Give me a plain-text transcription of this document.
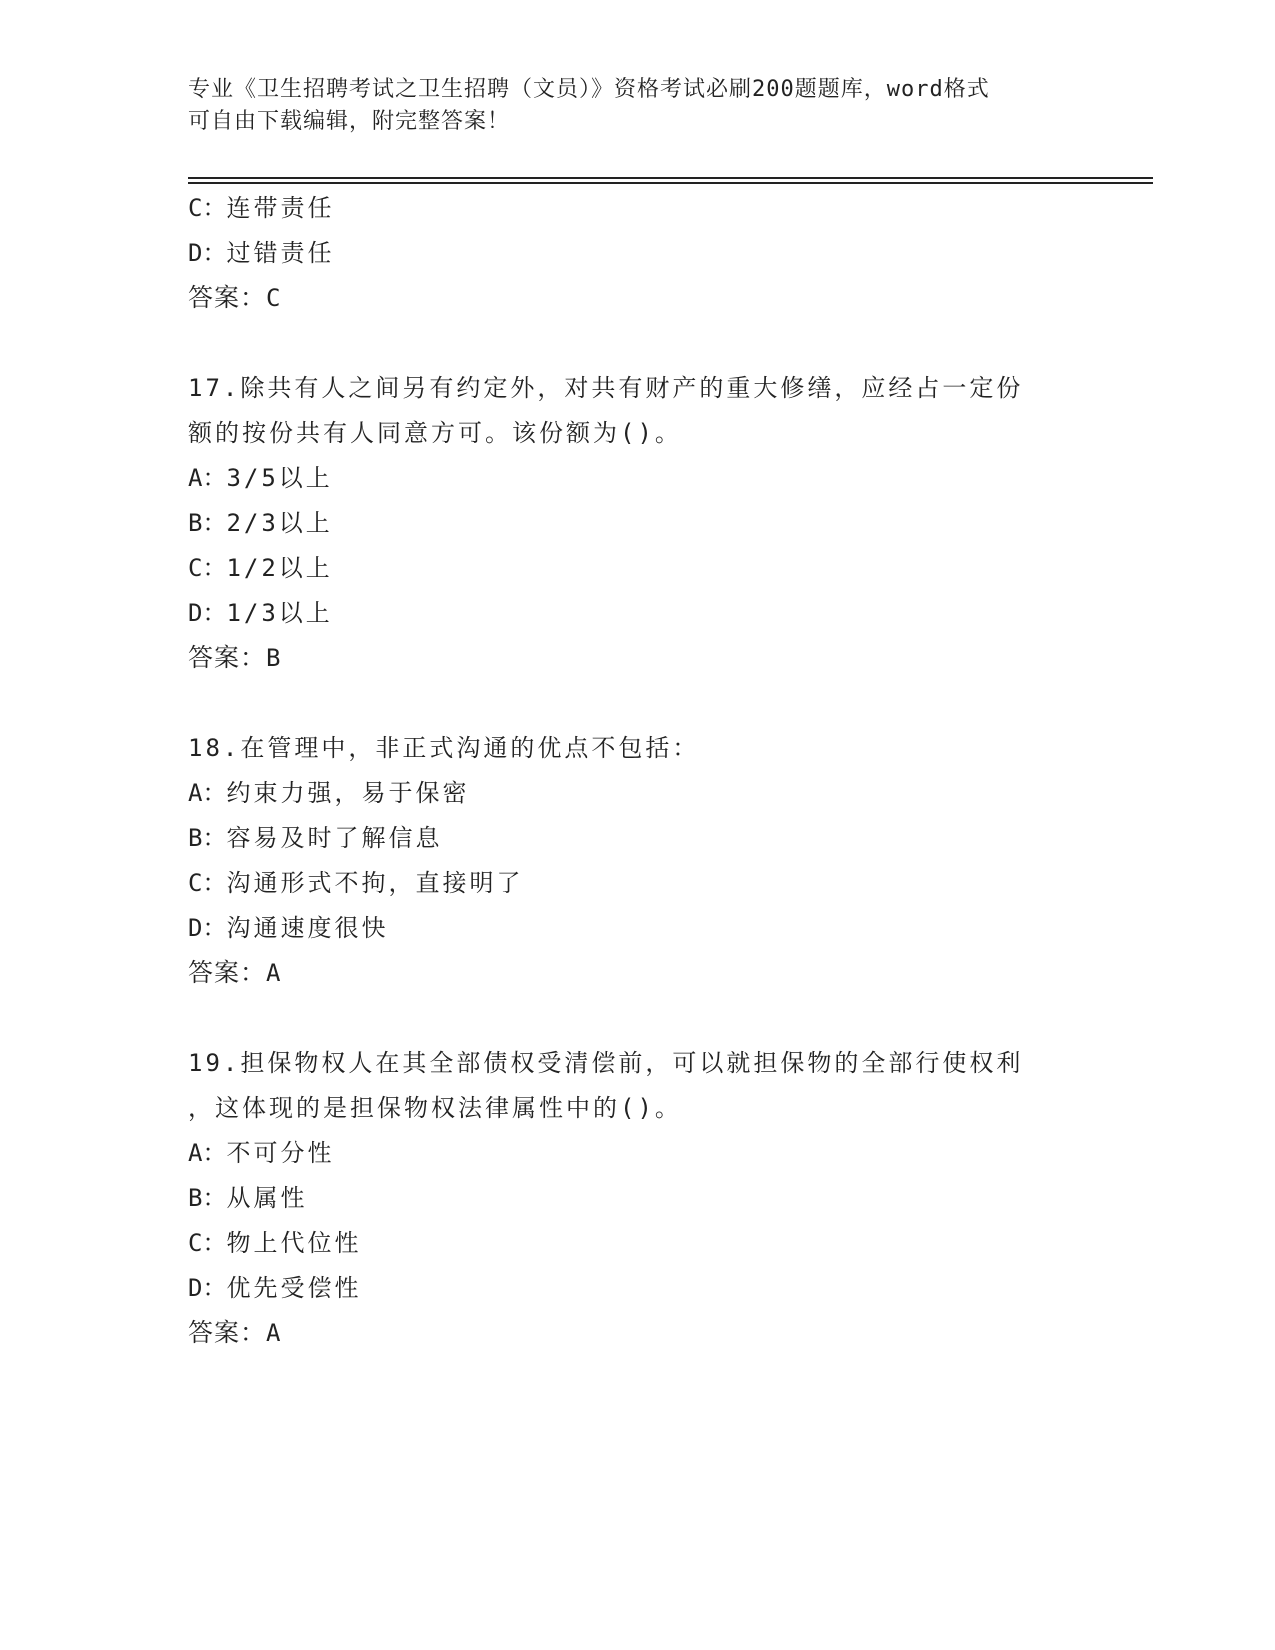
专业《卫生招聘考试之卫生招聘（文员）》资格考试必刷200题题库，word格式
可自由下载编辑，附完整答案！
C：连带责任
D：过错责任
答案：C
17.除共有人之间另有约定外，对共有财产的重大修缮，应经占一定份
额的按份共有人同意方可。该份额为()。
A：3/5以上
B：2/3以上
C：1/2以上
D：1/3以上
答案：B
18.在管理中，非正式沟通的优点不包括：
A：约束力强，易于保密
B：容易及时了解信息
C：沟通形式不拘，直接明了
D：沟通速度很快
答案：A
19.担保物权人在其全部债权受清偿前，可以就担保物的全部行使权利
，这体现的是担保物权法律属性中的()。
A：不可分性
B：从属性
C：物上代位性
D：优先受偿性
答案：A
